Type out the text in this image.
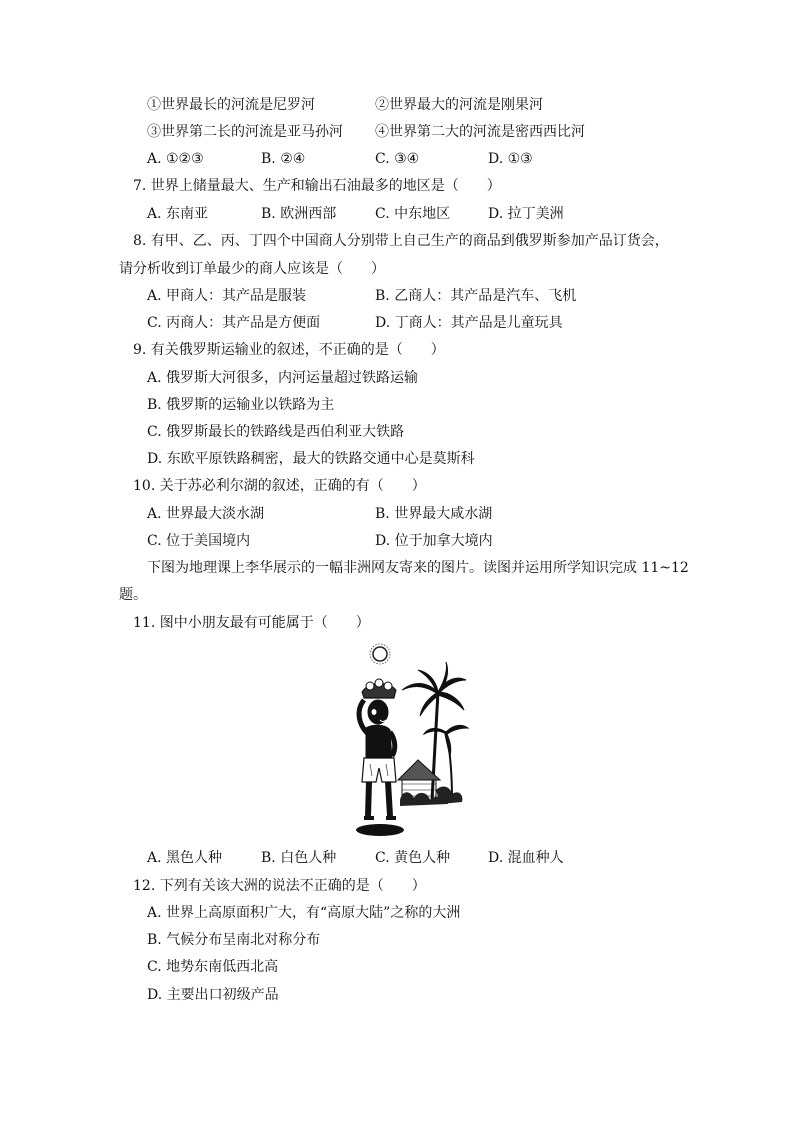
①世界最长的河流是尼罗河	②世界最大的河流是刚果河
③世界第二长的河流是亚马孙河 ④世界第二大的河流是密西西比河
A. ①②③	B. ②④	C. ③④	D. ①③
7. 世界上储量最大、生产和输出石油最多的地区是（　　）
A. 东南亚	B. 欧洲西部	C. 中东地区	D. 拉丁美洲
8. 有甲、乙、丙、丁四个中国商人分别带上自己生产的商品到俄罗斯参加产品订货会，
请分析收到订单最少的商人应该是（　　）
A. 甲商人：其产品是服装	B. 乙商人：其产品是汽车、飞机
C. 丙商人：其产品是方便面	D. 丁商人：其产品是儿童玩具
9. 有关俄罗斯运输业的叙述，不正确的是（　　）
A. 俄罗斯大河很多，内河运量超过铁路运输
B. 俄罗斯的运输业以铁路为主
C. 俄罗斯最长的铁路线是西伯利亚大铁路
D. 东欧平原铁路稠密，最大的铁路交通中心是莫斯科
10. 关于苏必利尔湖的叙述，正确的有（　　）
A. 世界最大淡水湖	B. 世界最大咸水湖
C. 位于美国境内	D. 位于加拿大境内
下图为地理课上李华展示的一幅非洲网友寄来的图片。读图并运用所学知识完成 11~12
题。
11. 图中小朋友最有可能属于（　　）
A. 黑色人种	B. 白色人种	C. 黄色人种	D. 混血种人
12. 下列有关该大洲的说法不正确的是（　　）
A. 世界上高原面积广大，有“高原大陆”之称的大洲
B. 气候分布呈南北对称分布
C. 地势东南低西北高
D. 主要出口初级产品
